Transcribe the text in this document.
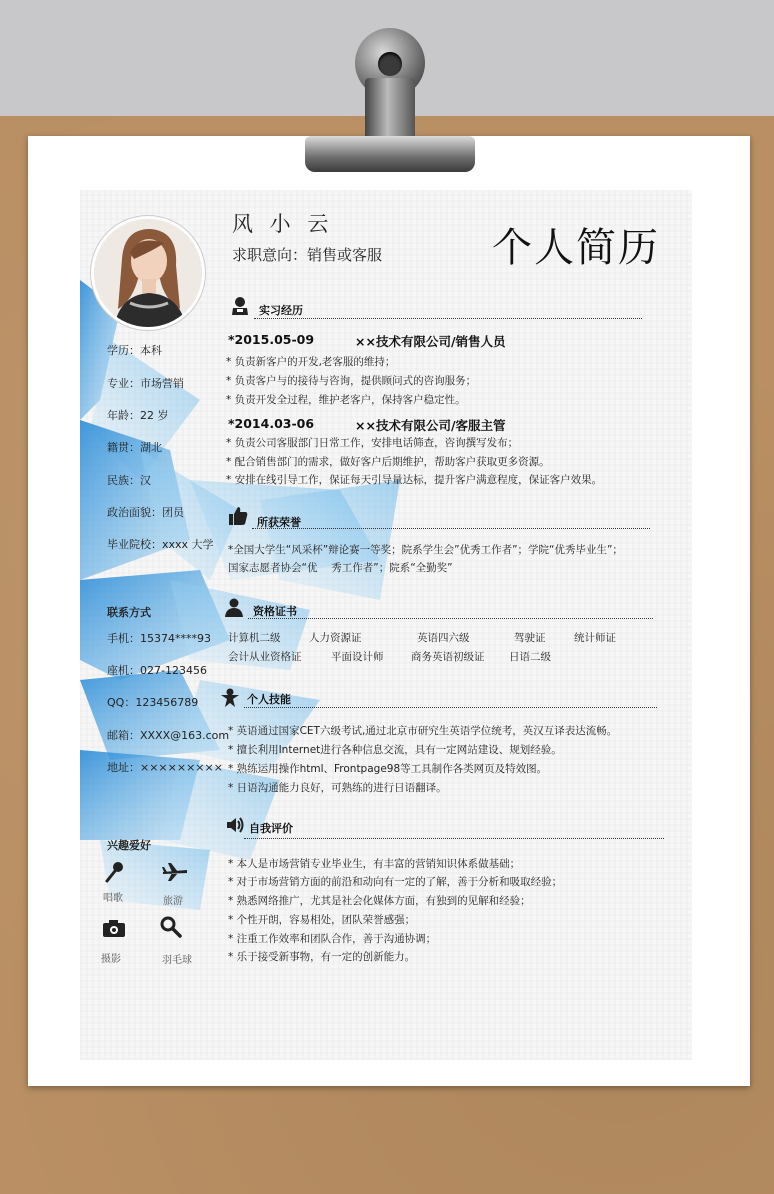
风 小 云
求职意向：销售或客服	个人简历
学历：本科
专业：市场营销
年龄：22 岁
籍贯：湖北
民族：汉
政治面貌：团员
毕业院校：xxxx 大学
联系方式
手机：15374****93
座机：027-123456
QQ：123456789
邮箱：XXXX@163.com
地址：×××××××××
兴趣爱好
唱歌	旅游
摄影	羽毛球
实习经历
*2015.05-09	××技术有限公司/销售人员
* 负责新客户的开发,老客服的维持；
* 负责客户与的接待与咨询，提供顾问式的咨询服务；
* 负责开发全过程，维护老客户，保持客户稳定性。
*2014.03-06	××技术有限公司/客服主管
* 负责公司客服部门日常工作，安排电话筛查，咨询撰写发布；
* 配合销售部门的需求，做好客户后期维护，帮助客户获取更多资源。
* 安排在线引导工作，保证每天引导量达标，提升客户满意程度，保证客户效果。
所获荣誉
*全国大学生“风采杯”辩论赛一等奖；院系学生会”优秀工作者”；学院“优秀毕业生”；
国家志愿者协会“优　 秀工作者”；院系“全勤奖”
资格证书
计算机二级	人力资源证	英语四六级	驾驶证	统计师证
会计从业资格证	平面设计师	商务英语初级证 日语二级
个人技能
* 英语通过国家CET六级考试,通过北京市研究生英语学位统考，英汉互译表达流畅。
* 擅长利用Internet进行各种信息交流，具有一定网站建设、规划经验。
* 熟练运用操作html、Frontpage98等工具制作各类网页及特效图。
* 日语沟通能力良好，可熟练的进行日语翻译。
自我评价
* 本人是市场营销专业毕业生，有丰富的营销知识体系做基础；
* 对于市场营销方面的前沿和动向有一定的了解，善于分析和吸取经验；
* 熟悉网络推广，尤其是社会化媒体方面，有独到的见解和经验；
* 个性开朗，容易相处，团队荣誉感强；
* 注重工作效率和团队合作，善于沟通协调；
* 乐于接受新事物，有一定的创新能力。
